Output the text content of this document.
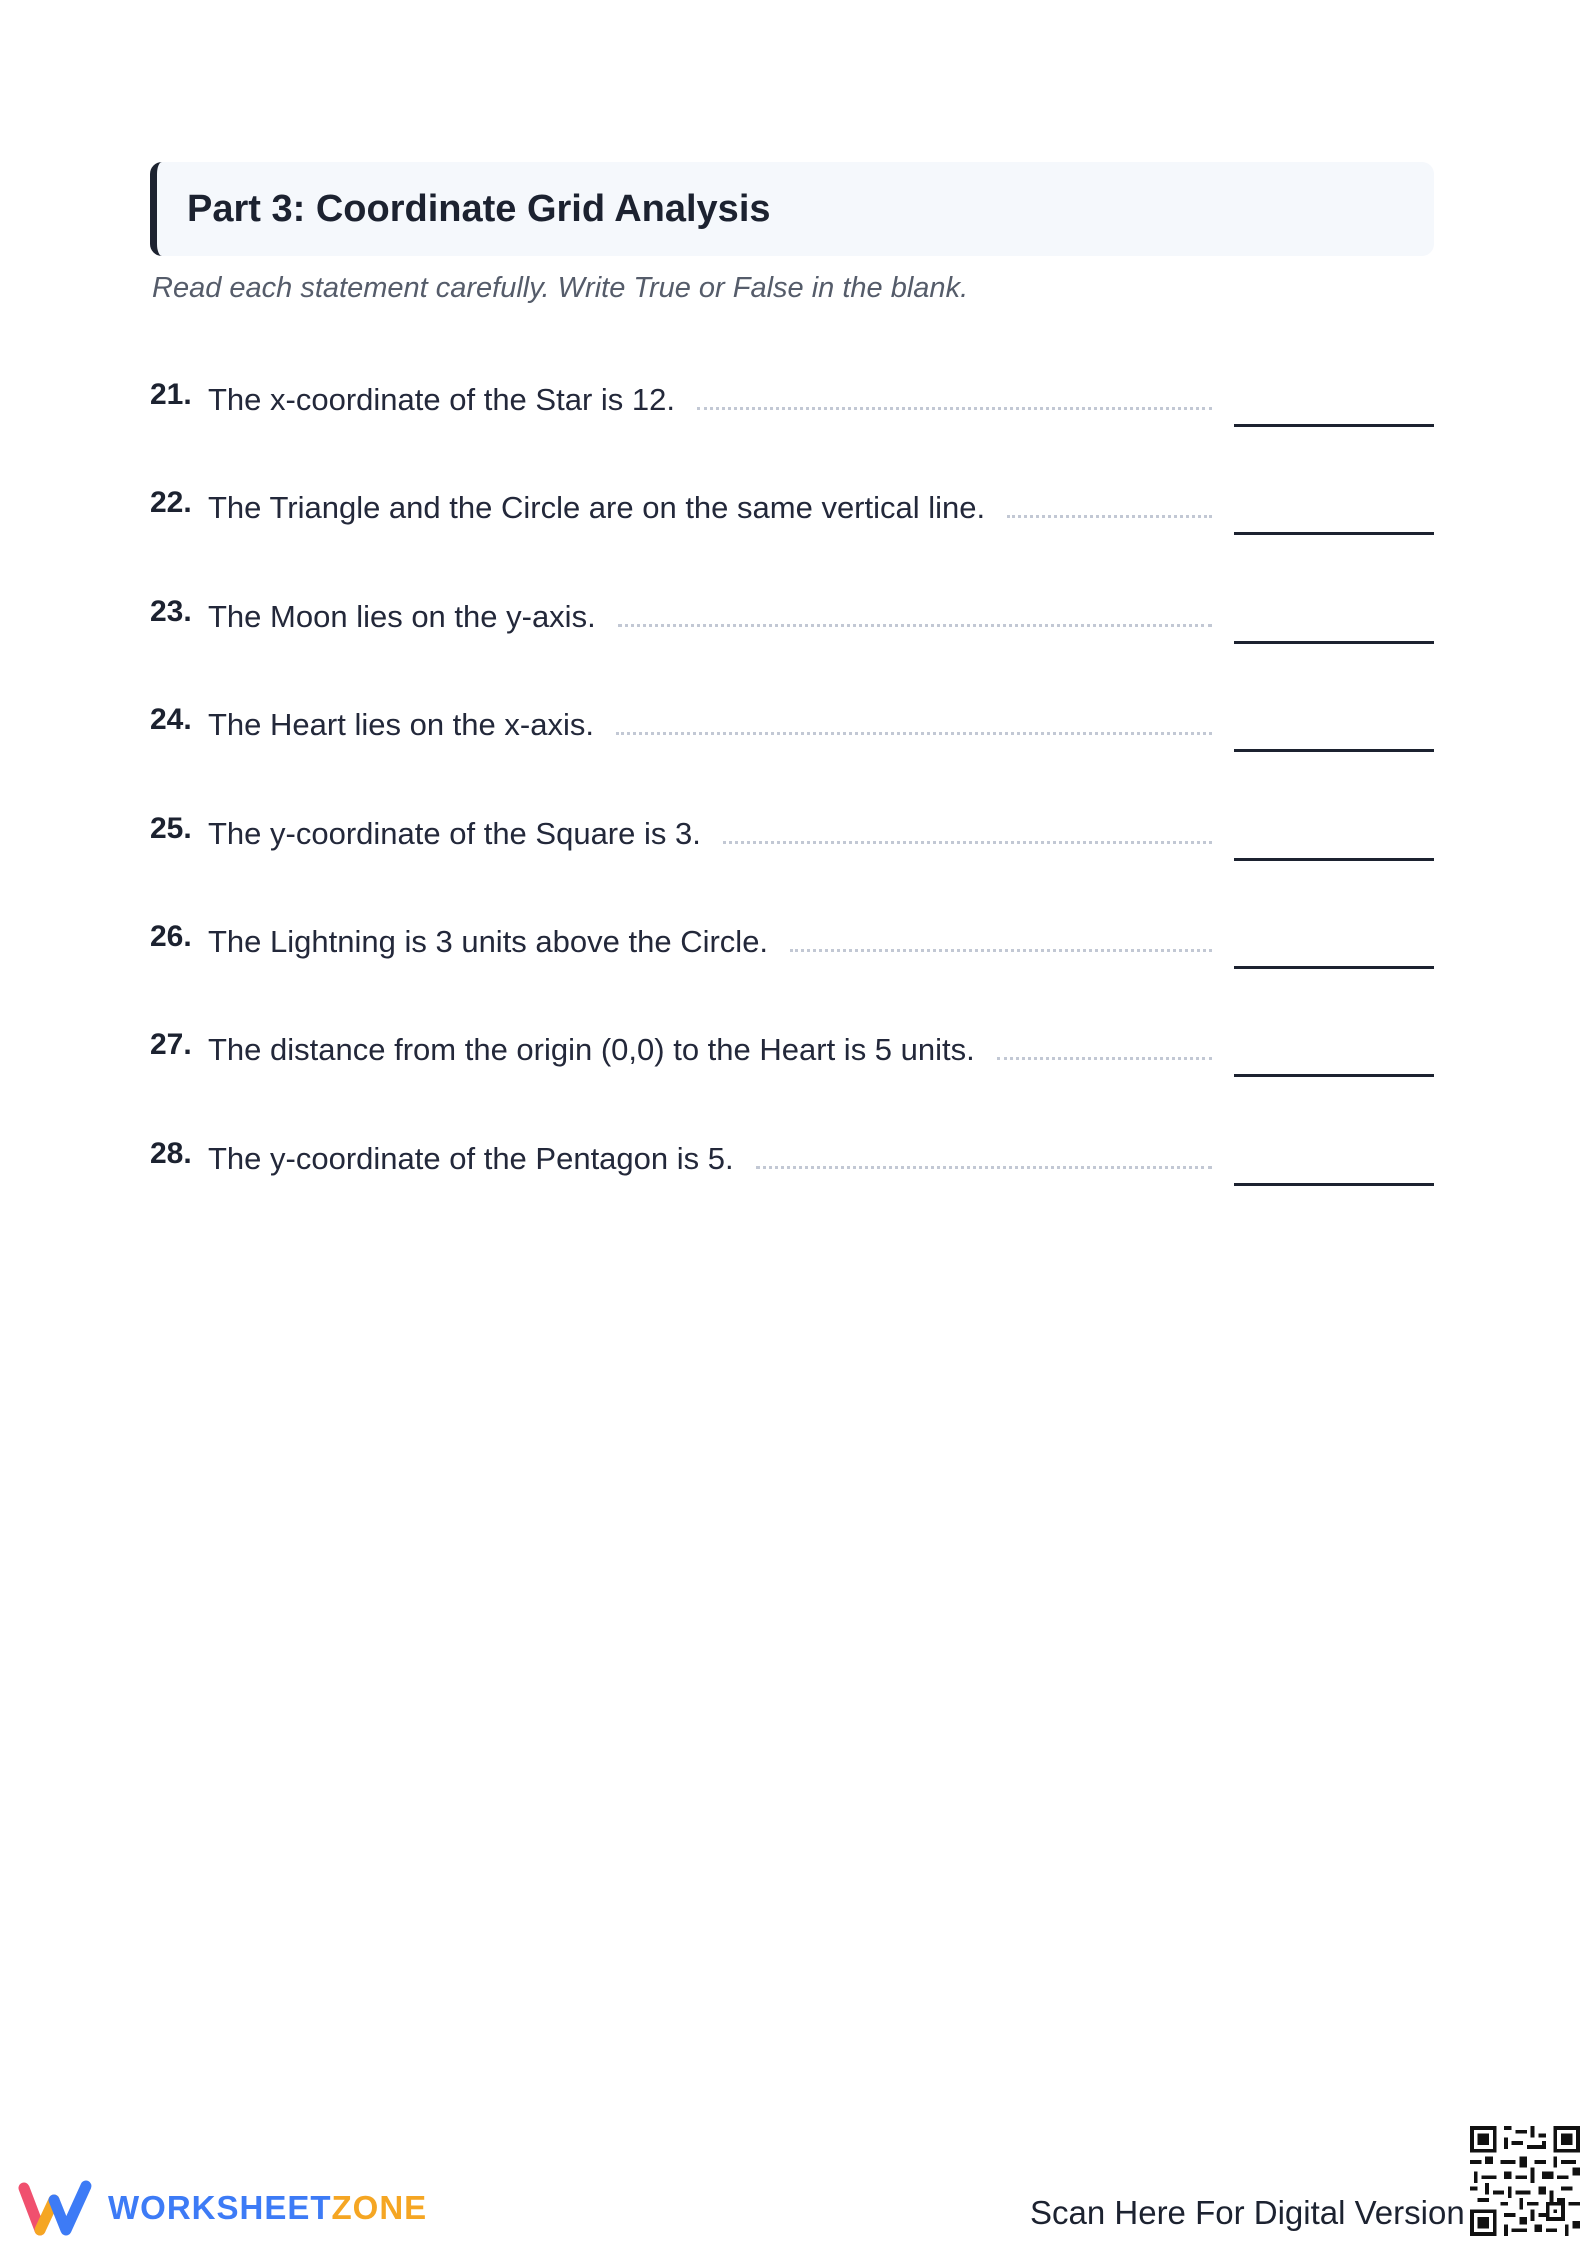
Part 3: Coordinate Grid Analysis
Read each statement carefully. Write True or False in the blank.
21. The x-coordinate of the Star is 12.
22. The Triangle and the Circle are on the same vertical line.
23. The Moon lies on the y-axis.
24. The Heart lies on the x-axis.
25. The y-coordinate of the Square is 3.
26. The Lightning is 3 units above the Circle.
27. The distance from the origin (0,0) to the Heart is 5 units.
28. The y-coordinate of the Pentagon is 5.
WORKSHEETZONE	Scan Here For Digital Version
